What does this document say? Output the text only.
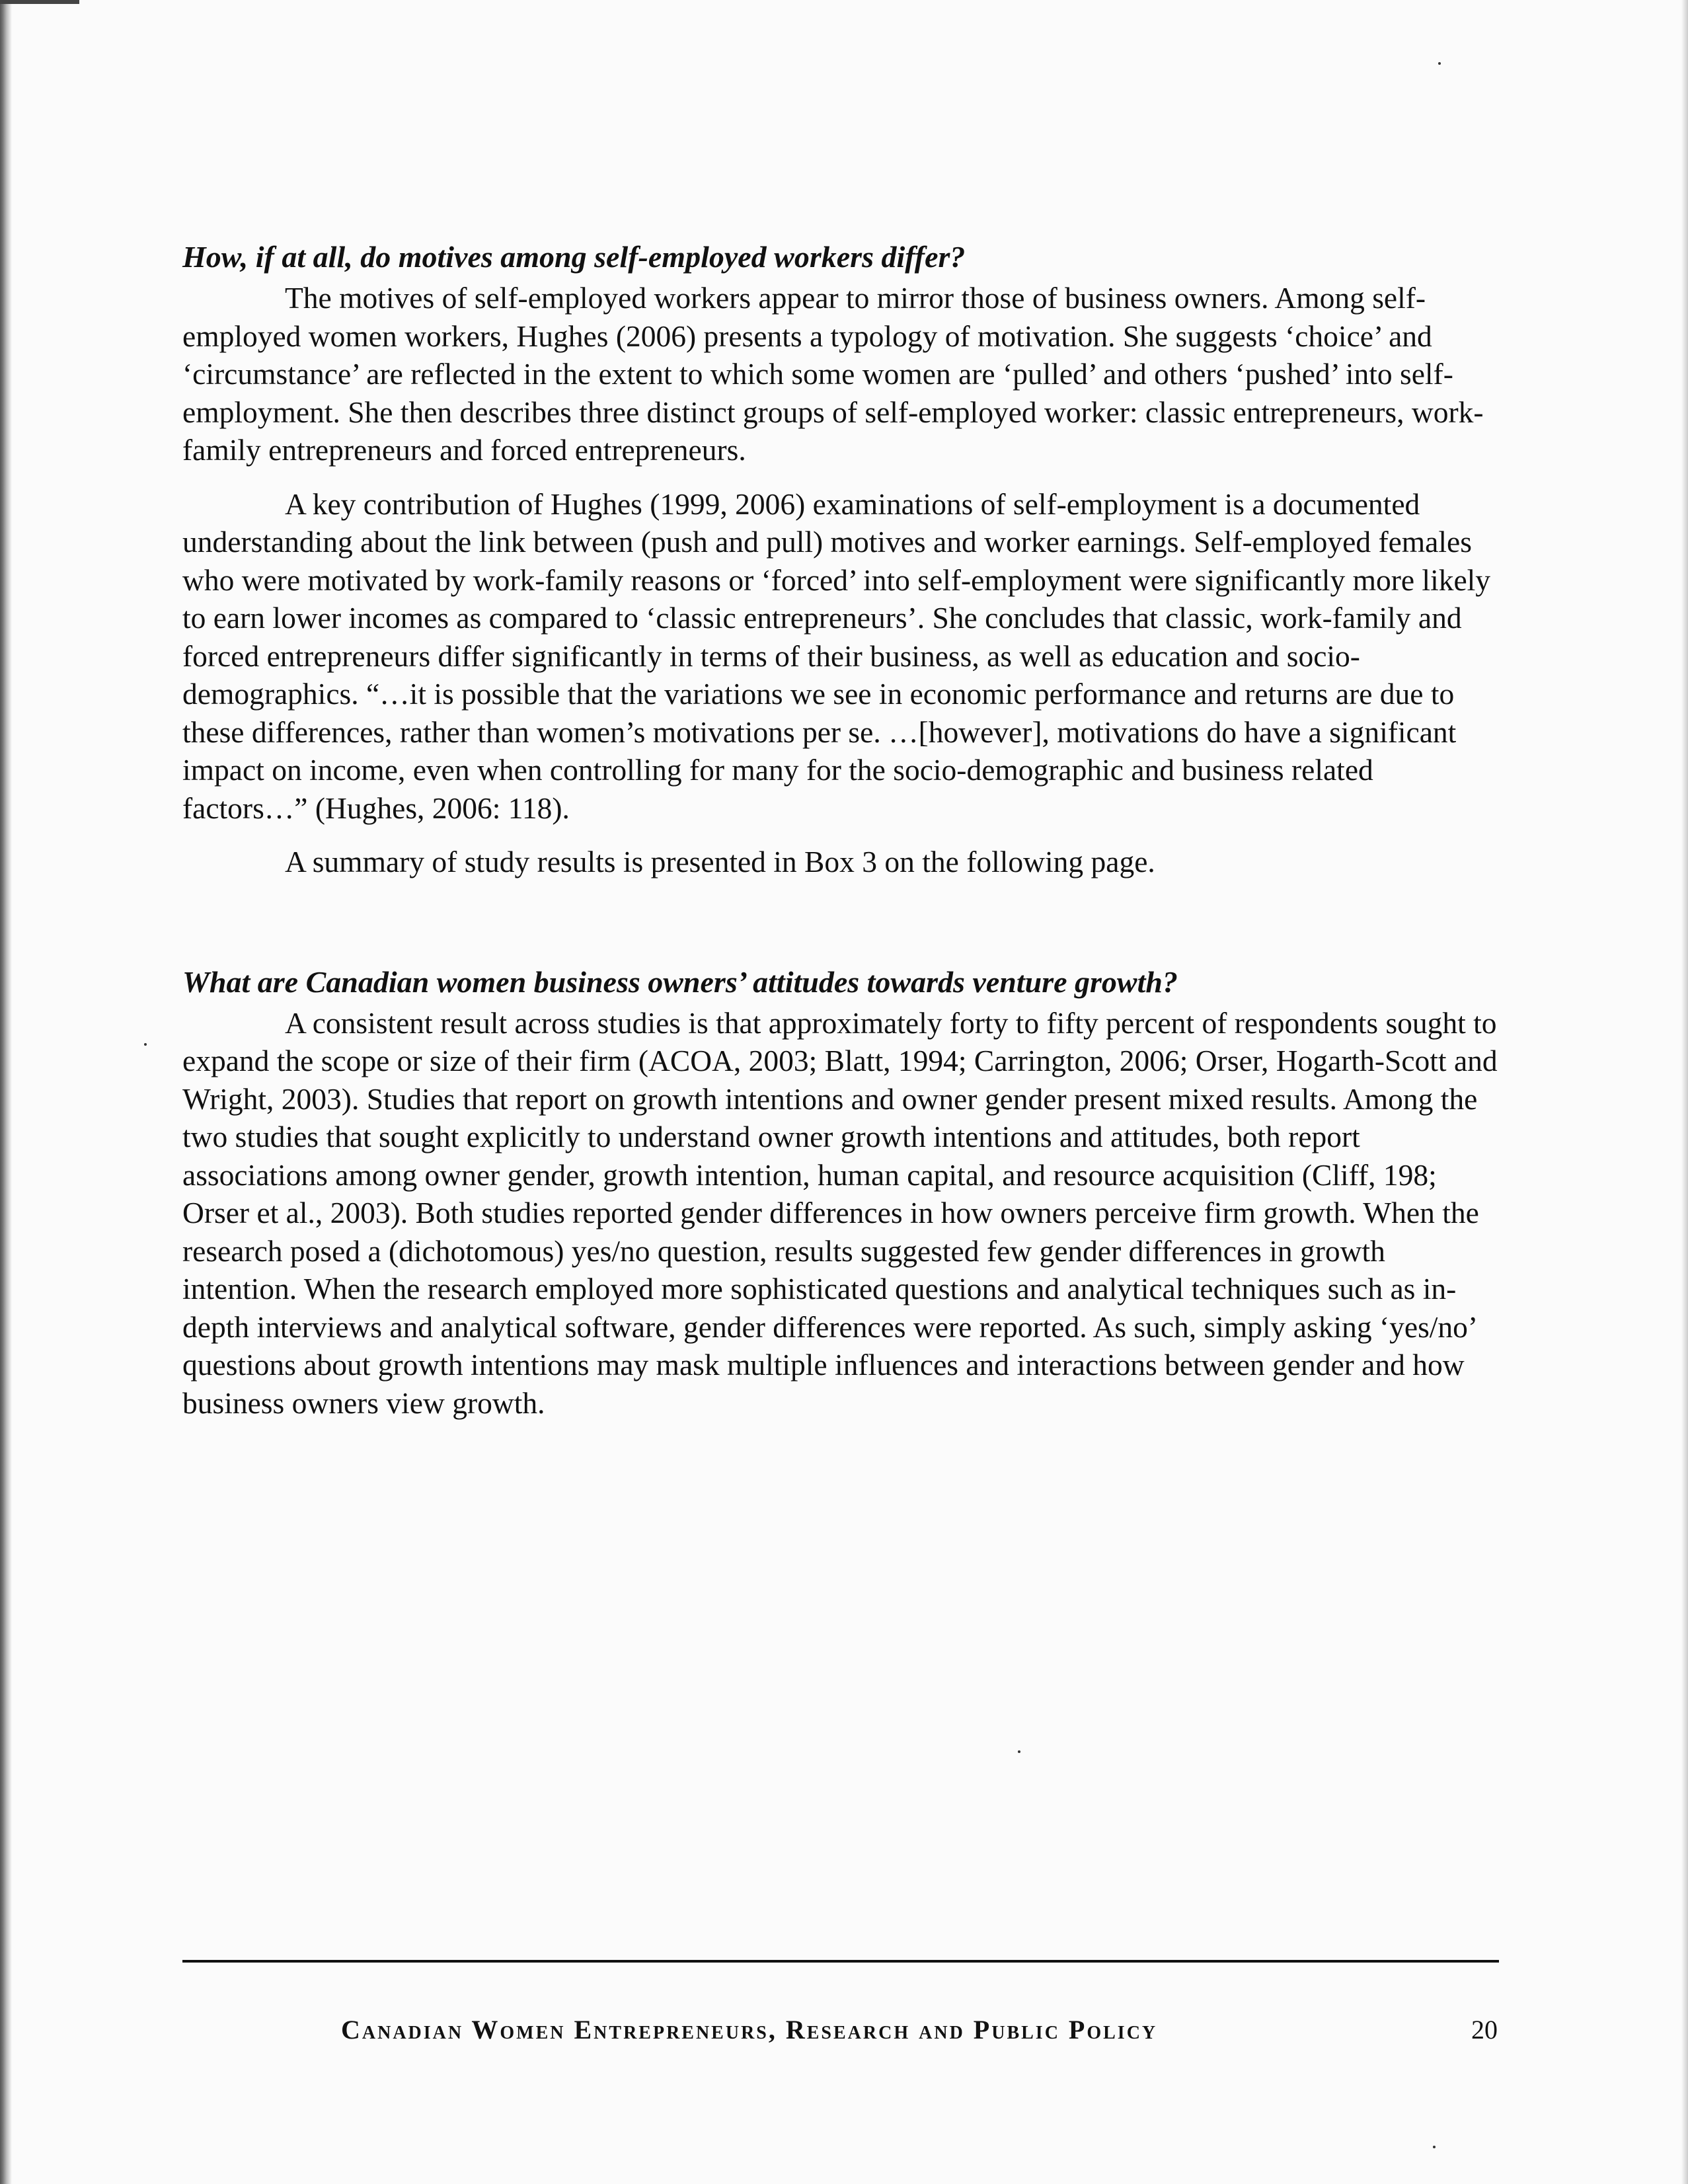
How, if at all, do motives among self-employed workers differ?

The motives of self-employed workers appear to mirror those of business owners. Among self-employed women workers, Hughes (2006) presents a typology of motivation. She suggests ‘choice’ and ‘circumstance’ are reflected in the extent to which some women are ‘pulled’ and others ‘pushed’ into self-employment. She then describes three distinct groups of self-employed worker: classic entrepreneurs, work-family entrepreneurs and forced entrepreneurs.

A key contribution of Hughes (1999, 2006) examinations of self-employment is a documented understanding about the link between (push and pull) motives and worker earnings. Self-employed females who were motivated by work-family reasons or ‘forced’ into self-employment were significantly more likely to earn lower incomes as compared to ‘classic entrepreneurs’. She concludes that classic, work-family and forced entrepreneurs differ significantly in terms of their business, as well as education and socio-demographics. “…it is possible that the variations we see in economic performance and returns are due to these differences, rather than women’s motivations per se. …[however], motivations do have a significant impact on income, even when controlling for many for the socio-demographic and business related factors…” (Hughes, 2006: 118).

A summary of study results is presented in Box 3 on the following page.

What are Canadian women business owners’ attitudes towards venture growth?

A consistent result across studies is that approximately forty to fifty percent of respondents sought to expand the scope or size of their firm (ACOA, 2003; Blatt, 1994; Carrington, 2006; Orser, Hogarth-Scott and Wright, 2003). Studies that report on growth intentions and owner gender present mixed results. Among the two studies that sought explicitly to understand owner growth intentions and attitudes, both report associations among owner gender, growth intention, human capital, and resource acquisition (Cliff, 198; Orser et al., 2003). Both studies reported gender differences in how owners perceive firm growth. When the research posed a (dichotomous) yes/no question, results suggested few gender differences in growth intention. When the research employed more sophisticated questions and analytical techniques such as in-depth interviews and analytical software, gender differences were reported. As such, simply asking ‘yes/no’ questions about growth intentions may mask multiple influences and interactions between gender and how business owners view growth.

Canadian Women Entrepreneurs, Research and Public Policy	20
